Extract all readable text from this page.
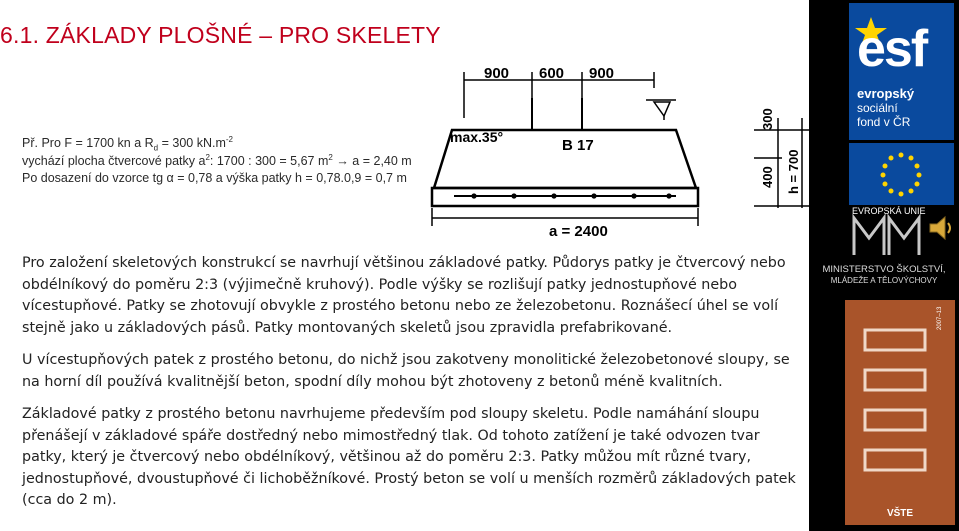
6.1. ZÁKLADY PLOŠNÉ – PRO SKELETY
Př. Pro F = 1700 kn a $R_d = 300$ $kN.m^{-2}$
vychází plocha čtvercové patky $a^2$: 1700 : 300 = 5,67 $m^2 \to a = 2,40$ m
Po dosazení do vzorce tg α = 0,78 a výška patky h = 0,78.0,9 = 0,7 m
900 600 900
max.35°	B 17
a = 2400
300
400 h = 700

Pro založení skeletových konstrukcí se navrhují většinou základové patky. Půdorys patky je čtvercový nebo obdélníkový do poměru 2:3 (výjimečně kruhový). Podle výšky se rozlišují patky jednostupňové nebo vícestupňové. Patky se zhotovují obvykle z prostého betonu nebo ze železobetonu. Roznášecí úhel se volí stejně jako u základových pásů. Patky montovaných skeletů jsou zpravidla prefabrikované.

U vícestupňových patek z prostého betonu, do nichž jsou zakotveny monolitické železobetonové sloupy, se na horní díl používá kvalitnější beton, spodní díly mohou být zhotoveny z betonů méně kvalitních.

Základové patky z prostého betonu navrhujeme především pod sloupy skeletu. Podle namáhání sloupu přenášejí v základové spáře dostředný nebo mimostředný tlak. Od tohoto zatížení je také odvozen tvar patky, který je čtvercový nebo obdélníkový, většinou až do poměru 2:3. Patky můžou mít různé tvary, jednostupňové, dvoustupňové či lichoběžníkové. Prostý beton se volí u menších rozměrů základových patek (cca do 2 m).

esf
evropský
sociální
fond v ČR
EVROPSKÁ UNIE
MINISTERSTVO ŠKOLSTVÍ,
MLÁDEŽE A TĚLOVÝCHOVY
2007–13
VŠTE
